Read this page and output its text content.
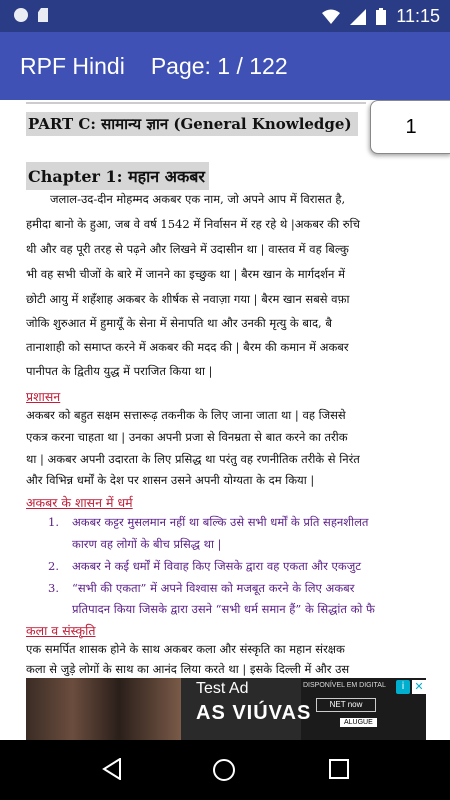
11:15
RPF Hindi Page: 1 / 122
1
PART C: सामान्य ज्ञान (General Knowledge)
Chapter 1: महान अकबर
जलाल-उद-दीन मोहम्मद अकबर एक नाम, जो अपने आप में विरासत है,
हमीदा बानो के हुआ, जब वे वर्ष 1542 में निर्वासन में रह रहे थे |अकबर की रुचि
थी और वह पूरी तरह से पढ़ने और लिखने में उदासीन था | वास्तव में वह बिल्कु
भी वह सभी चीजों के बारे में जानने का इच्छुक था | बैरम खान के मार्गदर्शन में
छोटी आयु में शहँशाह अकबर के शीर्षक से नवाज़ा गया | बैरम खान सबसे वफ़ा
जोकि शुरुआत में हुमायूँ के सेना में सेनापति था और उनकी मृत्यु के बाद, बै
तानाशाही को समाप्त करने में अकबर की मदद की | बैरम की कमान में अकबर
पानीपत के द्वितीय युद्ध में पराजित किया था |
प्रशासन
अकबर को बहुत सक्षम सत्तारूढ़ तकनीक के लिए जाना जाता था | वह जिससे
एकत्र करना चाहता था | उनका अपनी प्रजा से विनम्रता से बात करने का तरीक
था | अकबर अपनी उदारता के लिए प्रसिद्ध था परंतु वह रणनीतिक तरीके से निरंत
और विभिन्न धर्मों के देश पर शासन उसने अपनी योग्यता के दम किया |
अकबर के शासन में धर्म
1. अकबर कट्टर मुसलमान नहीं था बल्कि उसे सभी धर्मों के प्रति सहनशीलत
कारण वह लोगों के बीच प्रसिद्ध था |
2. अकबर ने कई धर्मों में विवाह किए जिसके द्वारा वह एकता और एकजुट
3. “सभी की एकता” में अपने विश्वास को मजबूत करने के लिए अकबर
प्रतिपादन किया जिसके द्वारा उसने “सभी धर्म समान हैं” के सिद्धांत को फै
कला व संस्कृति
एक समर्पित शासक होने के साथ अकबर कला और संस्कृति का महान संरक्षक
कला से जुड़े लोगों के साथ का आनंद लिया करते था | इसके दिल्ली में और उस
Test Ad
AS VIÚVAS
DISPONÍVEL EM DIGITAL
NET now
ALUGUE
i ✕
